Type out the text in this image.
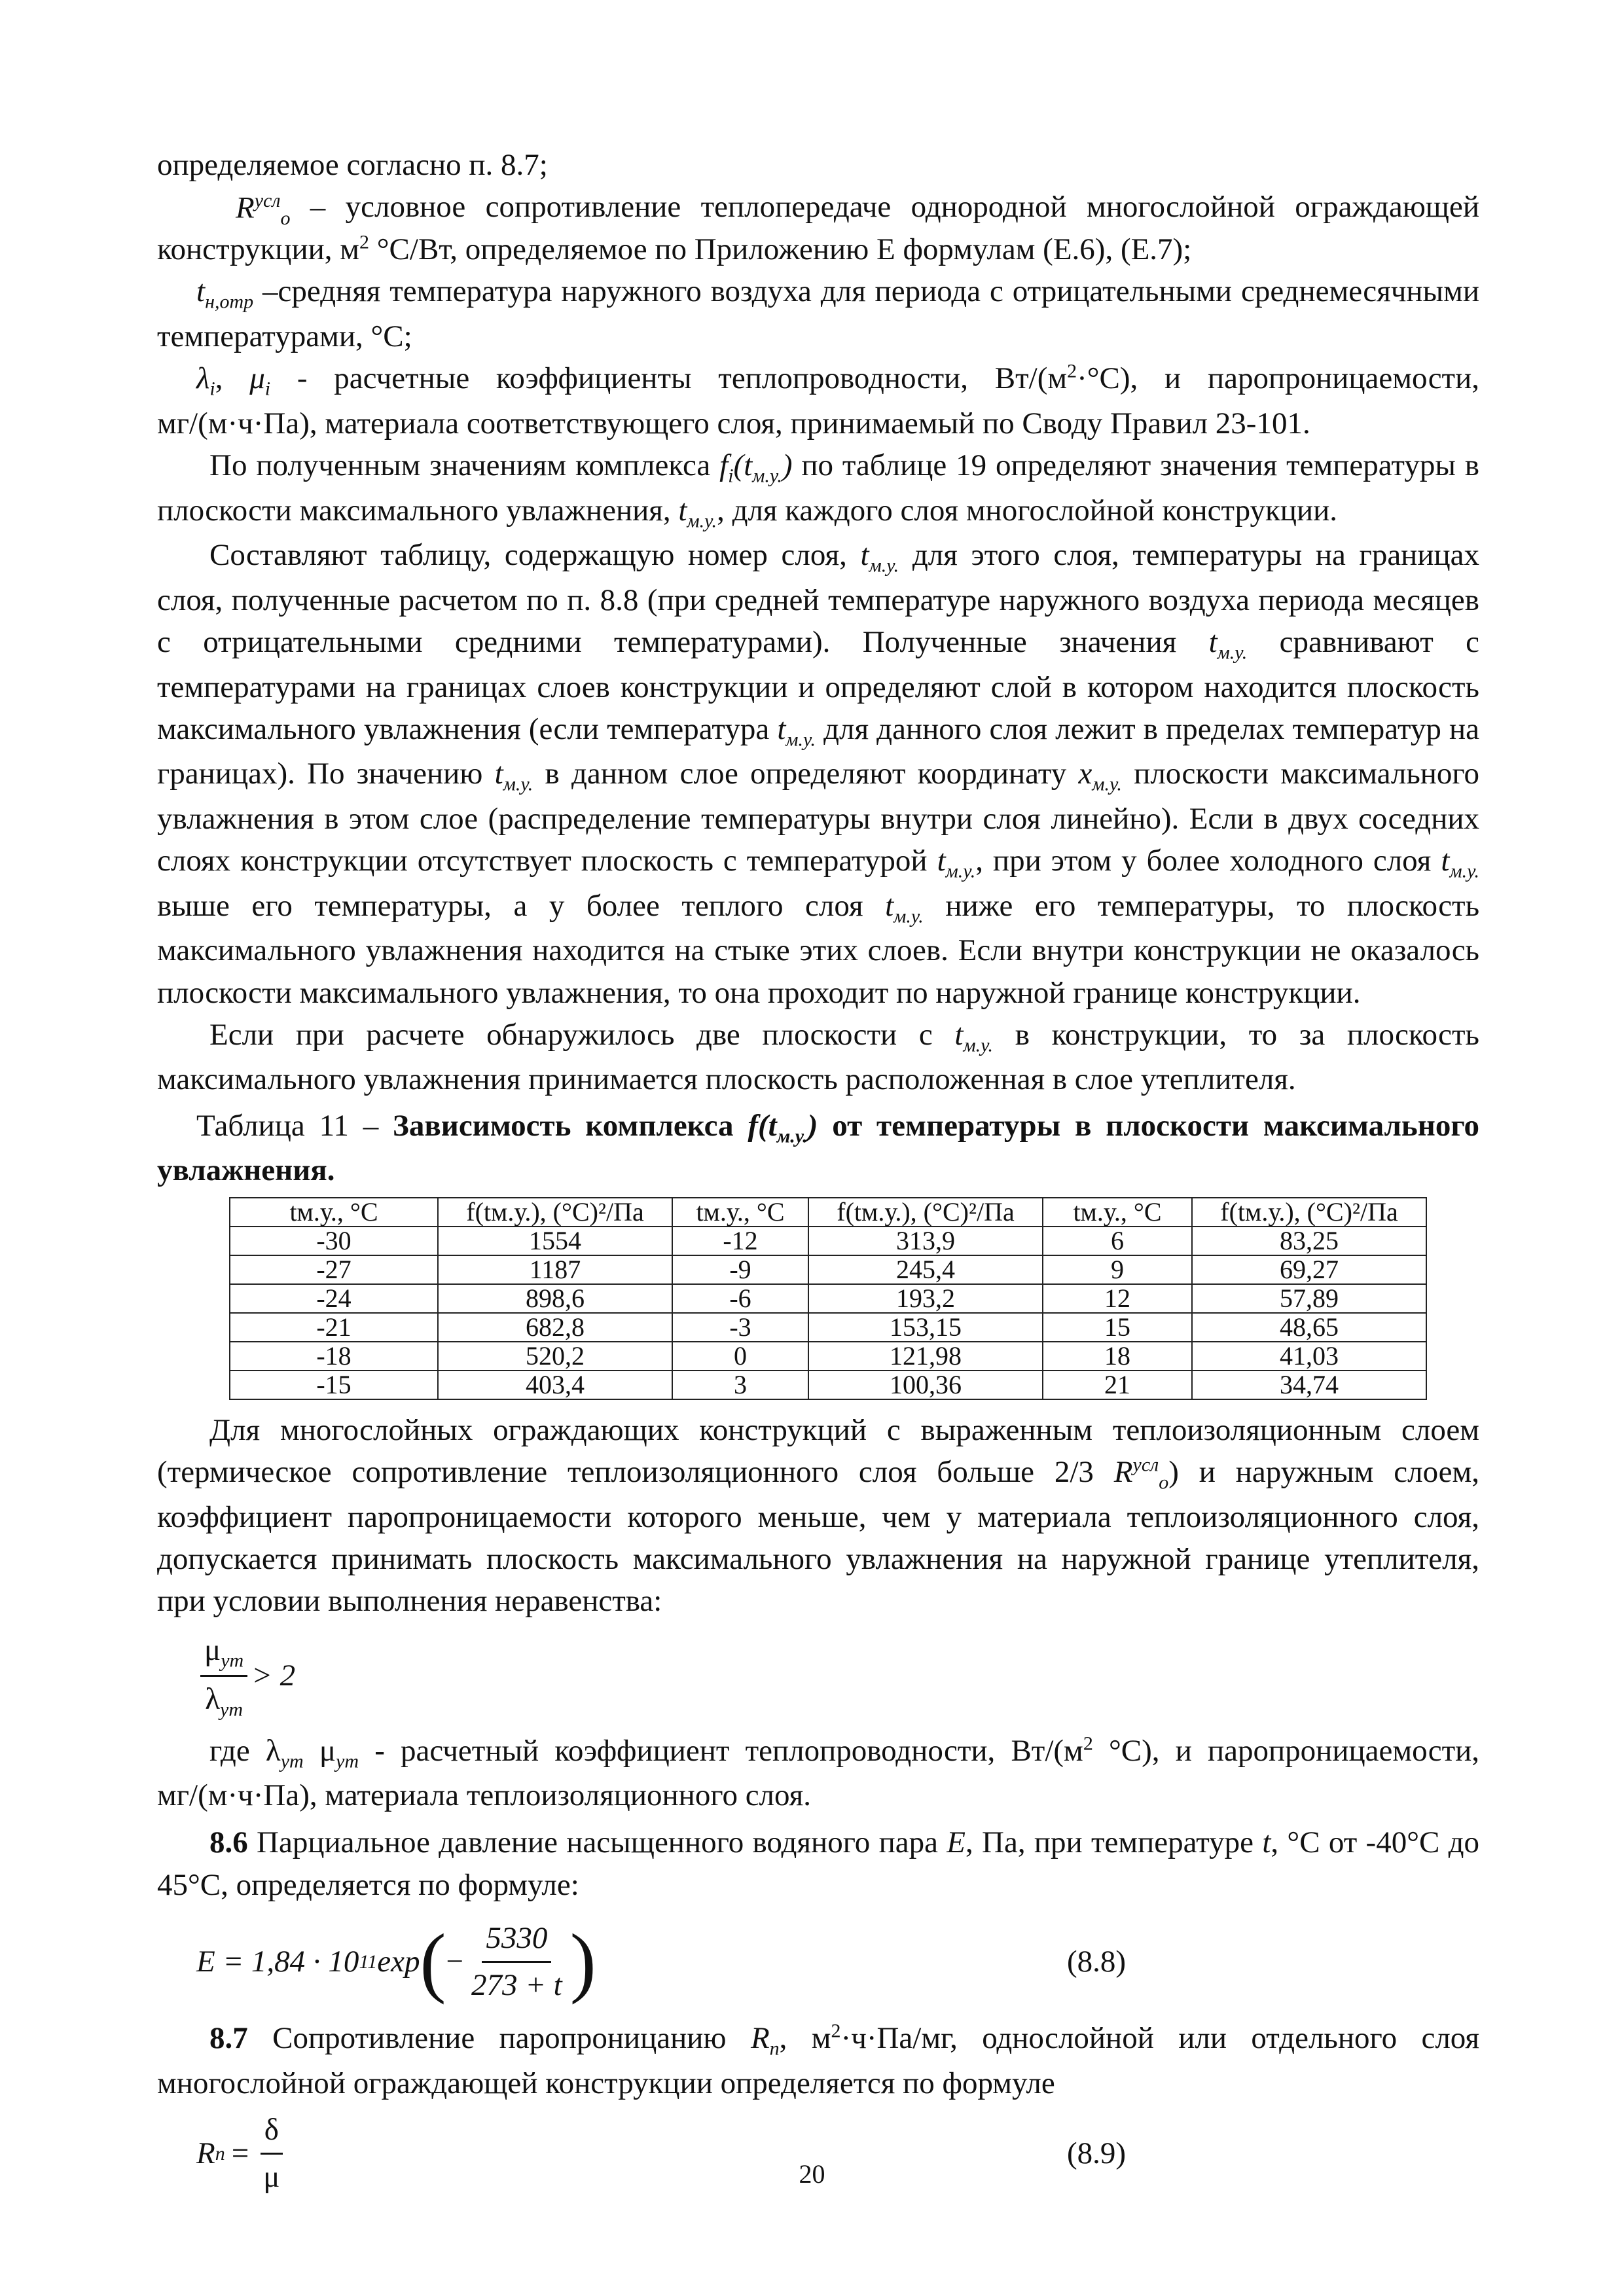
определяемое согласно п. 8.7;

$R^{усл}_o$ – условное сопротивление теплопередаче однородной многослойной ограждающей конструкции, $м^2$ °C/Вт, определяемое по Приложению Е формулам (Е.6), (Е.7);

$t_{н,отр}$ –средняя температура наружного воздуха для периода с отрицательными среднемесячными температурами, °C;

$\lambda_i$, $\mu_i$ - расчетные коэффициенты теплопроводности, $Вт/(м^2\cdot^\circ C)$, и паропроницаемости, мг/(м·ч·Па), материала соответствующего слоя, принимаемый по Своду Правил 23-101.

По полученным значениям комплекса $f_i(t_{м.у.})$ по таблице 19 определяют значения температуры в плоскости максимального увлажнения, $t_{м.у.}$, для каждого слоя многослойной конструкции.

Составляют таблицу, содержащую номер слоя, $t_{м.у.}$ для этого слоя, температуры на границах слоя, полученные расчетом по п. 8.8 (при средней температуре наружного воздуха периода месяцев с отрицательными средними температурами). Полученные значения $t_{м.у.}$ сравнивают с температурами на границах слоев конструкции и определяют слой в котором находится плоскость максимального увлажнения (если температура $t_{м.у.}$ для данного слоя лежит в пределах температур на границах). По значению $t_{м.у.}$ в данном слое определяют координату $x_{м.у.}$ плоскости максимального увлажнения в этом слое (распределение температуры внутри слоя линейно). Если в двух соседних слоях конструкции отсутствует плоскость с температурой $t_{м.у.}$, при этом у более холодного слоя $t_{м.у.}$ выше его температуры, а у более теплого слоя $t_{м.у.}$ ниже его температуры, то плоскость максимального увлажнения находится на стыке этих слоев. Если внутри конструкции не оказалось плоскости максимального увлажнения, то она проходит по наружной границе конструкции.

Если при расчете обнаружилось две плоскости с $t_{м.у.}$ в конструкции, то за плоскость максимального увлажнения принимается плоскость расположенная в слое утеплителя.

Таблица 11 – Зависимость комплекса $f(t_{м.у.})$ от температуры в плоскости максимального увлажнения.

tм.у., °C	f(tм.у.), (°C)²/Па	tм.у., °C	f(tм.у.), (°C)²/Па	tм.у., °C	f(tм.у.), (°C)²/Па
-30	1554	-12	313,9	6	83,25
-27	1187	-9	245,4	9	69,27
-24	898,6	-6	193,2	12	57,89
-21	682,8	-3	153,15	15	48,65
-18	520,2	0	121,98	18	41,03
-15	403,4	3	100,36	21	34,74

Для многослойных ограждающих конструкций с выраженным теплоизоляционным слоем (термическое сопротивление теплоизоляционного слоя больше 2/3 $R^{усл}_o$) и наружным слоем, коэффициент паропроницаемости которого меньше, чем у материала теплоизоляционного слоя, допускается принимать плоскость максимального увлажнения на наружной границе утеплителя, при условии выполнения неравенства:

$\frac{\mu_{ут}}{\lambda_{ут}} > 2$

где $\lambda_{ут}$ $\mu_{ут}$ - расчетный коэффициент теплопроводности, $Вт/(м^2$ °C), и паропроницаемости, мг/(м·ч·Па), материала теплоизоляционного слоя.

8.6 Парциальное давление насыщенного водяного пара E, Па, при температуре t, °C от -40°C до 45°C, определяется по формуле:

E = 1,84 · 10 11 exp ( − $\frac{5330}{273 + t}$ )	(8.8)

8.7 Сопротивление паропроницанию $R_п$, $м^2\cdot ч\cdot Па/мг$, однослойной или отдельного слоя многослойной ограждающей конструкции определяется по формуле

R $п = \frac{\delta}{\mu}$	(8.9)
20
